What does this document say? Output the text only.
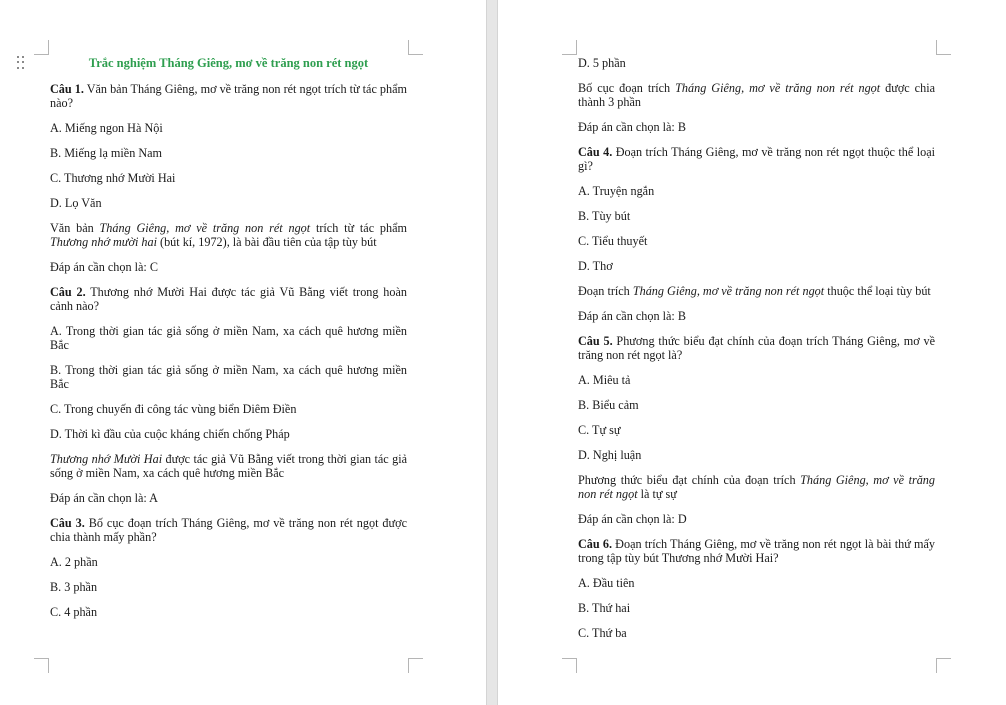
Trắc nghiệm Tháng Giêng, mơ về trăng non rét ngọt

Câu 1. Văn bản Tháng Giêng, mơ về trăng non rét ngọt trích từ tác phẩm nào?

A. Miếng ngon Hà Nội

B. Miếng lạ miền Nam

C. Thương nhớ Mười Hai

D. Lọ Văn

Văn bản Tháng Giêng, mơ về trăng non rét ngọt trích từ tác phẩm Thương nhớ mười hai (bút kí, 1972), là bài đầu tiên của tập tùy bút

Đáp án cần chọn là: C

Câu 2. Thương nhớ Mười Hai được tác giả Vũ Bằng viết trong hoàn cảnh nào?

A. Trong thời gian tác giả sống ở miền Nam, xa cách quê hương miền Bắc

B. Trong thời gian tác giả sống ở miền Nam, xa cách quê hương miền Bắc

C. Trong chuyến đi công tác vùng biển Diêm Điền

D. Thời kì đầu của cuộc kháng chiến chống Pháp

Thương nhớ Mười Hai được tác giả Vũ Bằng viết trong thời gian tác giả sống ở miền Nam, xa cách quê hương miền Bắc

Đáp án cần chọn là: A

Câu 3. Bố cục đoạn trích Tháng Giêng, mơ về trăng non rét ngọt được chia thành mấy phần?

A. 2 phần

B. 3 phần

C. 4 phần

D. 5 phần

Bố cục đoạn trích Tháng Giêng, mơ về trăng non rét ngọt được chia thành 3 phần

Đáp án cần chọn là: B

Câu 4. Đoạn trích Tháng Giêng, mơ về trăng non rét ngọt thuộc thể loại gì?

A. Truyện ngắn

B. Tùy bút

C. Tiểu thuyết

D. Thơ

Đoạn trích Tháng Giêng, mơ về trăng non rét ngọt thuộc thể loại tùy bút

Đáp án cần chọn là: B

Câu 5. Phương thức biểu đạt chính của đoạn trích Tháng Giêng, mơ về trăng non rét ngọt là?

A. Miêu tả

B. Biểu cảm

C. Tự sự

D. Nghị luận

Phương thức biểu đạt chính của đoạn trích Tháng Giêng, mơ về trăng non rét ngọt là tự sự

Đáp án cần chọn là: D

Câu 6. Đoạn trích Tháng Giêng, mơ về trăng non rét ngọt là bài thứ mấy trong tập tùy bút Thương nhớ Mười Hai?

A. Đầu tiên

B. Thứ hai

C. Thứ ba
